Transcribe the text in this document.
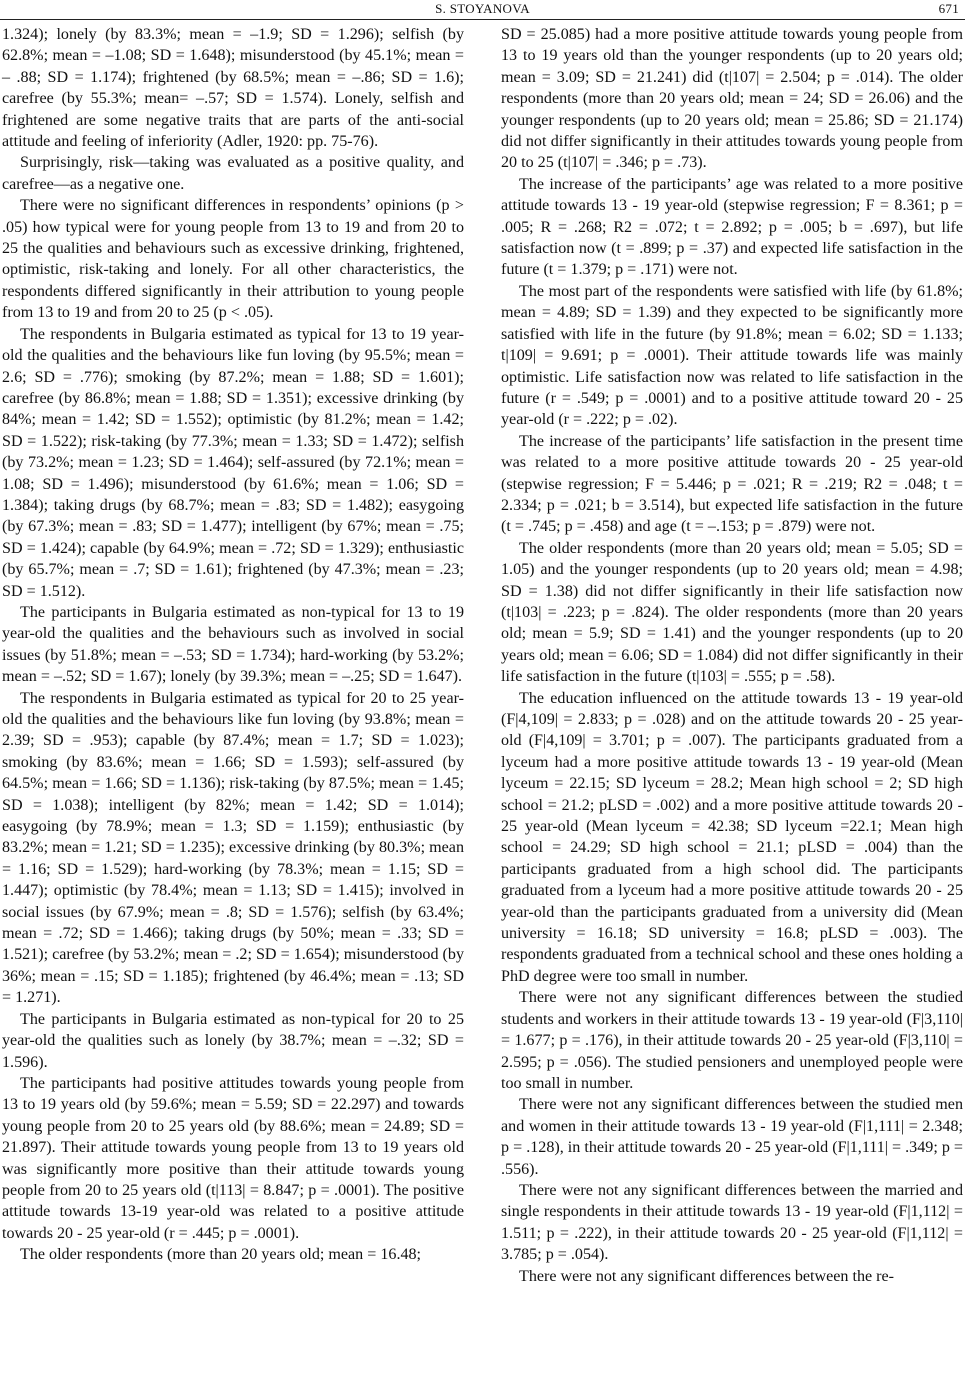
S. STOYANOVA	671

1.324); lonely (by 83.3%; mean = –1.9; SD = 1.296); selfish (by 62.8%; mean = –1.08; SD = 1.648); misunderstood (by 45.1%; mean = – .88; SD = 1.174); frightened (by 68.5%; mean = –.86; SD = 1.6); carefree (by 55.3%; mean= –.57; SD = 1.574). Lonely, selfish and frightened are some negative traits that are parts of the anti-social attitude and feeling of inferiority (Adler, 1920: pp. 75-76).

Surprisingly, risk—taking was evaluated as a positive quality, and carefree—as a negative one.

There were no significant differences in respondents’ opinions (p > .05) how typical were for young people from 13 to 19 and from 20 to 25 the qualities and behaviours such as excessive drinking, frightened, optimistic, risk-taking and lonely. For all other characteristics, the respondents differed significantly in their attribution to young people from 13 to 19 and from 20 to 25 (p < .05).

The respondents in Bulgaria estimated as typical for 13 to 19 year-old the qualities and the behaviours like fun loving (by 95.5%; mean = 2.6; SD = .776); smoking (by 87.2%; mean = 1.88; SD = 1.601); carefree (by 86.8%; mean = 1.88; SD = 1.351); excessive drinking (by 84%; mean = 1.42; SD = 1.552); optimistic (by 81.2%; mean = 1.42; SD = 1.522); risk-taking (by 77.3%; mean = 1.33; SD = 1.472); selfish (by 73.2%; mean = 1.23; SD = 1.464); self-assured (by 72.1%; mean = 1.08; SD = 1.496); misunderstood (by 61.6%; mean = 1.06; SD = 1.384); taking drugs (by 68.7%; mean = .83; SD = 1.482); easygoing (by 67.3%; mean = .83; SD = 1.477); intelligent (by 67%; mean = .75; SD = 1.424); capable (by 64.9%; mean = .72; SD = 1.329); enthusiastic (by 65.7%; mean = .7; SD = 1.61); frightened (by 47.3%; mean = .23; SD = 1.512).

The participants in Bulgaria estimated as non-typical for 13 to 19 year-old the qualities and the behaviours such as involved in social issues (by 51.8%; mean = –.53; SD = 1.734); hard-working (by 53.2%; mean = –.52; SD = 1.67); lonely (by 39.3%; mean = –.25; SD = 1.647).

The respondents in Bulgaria estimated as typical for 20 to 25 year-old the qualities and the behaviours like fun loving (by 93.8%; mean = 2.39; SD = .953); capable (by 87.4%; mean = 1.7; SD = 1.023); smoking (by 83.6%; mean = 1.66; SD = 1.593); self-assured (by 64.5%; mean = 1.66; SD = 1.136); risk-taking (by 87.5%; mean = 1.45; SD = 1.038); intelligent (by 82%; mean = 1.42; SD = 1.014); easygoing (by 78.9%; mean = 1.3; SD = 1.159); enthusiastic (by 83.2%; mean = 1.21; SD = 1.235); excessive drinking (by 80.3%; mean = 1.16; SD = 1.529); hard-working (by 78.3%; mean = 1.15; SD = 1.447); optimistic (by 78.4%; mean = 1.13; SD = 1.415); involved in social issues (by 67.9%; mean = .8; SD = 1.576); selfish (by 63.4%; mean = .72; SD = 1.466); taking drugs (by 50%; mean = .33; SD = 1.521); carefree (by 53.2%; mean = .2; SD = 1.654); misunderstood (by 36%; mean = .15; SD = 1.185); frightened (by 46.4%; mean = .13; SD = 1.271).

The participants in Bulgaria estimated as non-typical for 20 to 25 year-old the qualities such as lonely (by 38.7%; mean = –.32; SD = 1.596).

The participants had positive attitudes towards young people from 13 to 19 years old (by 59.6%; mean = 5.59; SD = 22.297) and towards young people from 20 to 25 years old (by 88.6%; mean = 24.89; SD = 21.897). Their attitude towards young people from 13 to 19 years old was significantly more positive than their attitude towards young people from 20 to 25 years old (t|113| = 8.847; p = .0001). The positive attitude towards 13-19 year-old was related to a positive attitude towards 20 - 25 year-old (r = .445; p = .0001).

The older respondents (more than 20 years old; mean = 16.48;

SD = 25.085) had a more positive attitude towards young people from 13 to 19 years old than the younger respondents (up to 20 years old; mean = 3.09; SD = 21.241) did (t|107| = 2.504; p = .014). The older respondents (more than 20 years old; mean = 24; SD = 26.06) and the younger respondents (up to 20 years old; mean = 25.86; SD = 21.174) did not differ significantly in their attitudes towards young people from 20 to 25 (t|107| = .346; p = .73).

The increase of the participants’ age was related to a more positive attitude towards 13 - 19 year-old (stepwise regression; F = 8.361; p = .005; R = .268; R2 = .072; t = 2.892; p = .005; b = .697), but life satisfaction now (t = .899; p = .37) and expected life satisfaction in the future (t = 1.379; p = .171) were not.

The most part of the respondents were satisfied with life (by 61.8%; mean = 4.89; SD = 1.39) and they expected to be significantly more satisfied with life in the future (by 91.8%; mean = 6.02; SD = 1.133; t|109| = 9.691; p = .0001). Their attitude towards life was mainly optimistic. Life satisfaction now was related to life satisfaction in the future (r = .549; p = .0001) and to a positive attitude toward 20 - 25 year-old (r = .222; p = .02).

The increase of the participants’ life satisfaction in the present time was related to a more positive attitude towards 20 - 25 year-old (stepwise regression; F = 5.446; p = .021; R = .219; R2 = .048; t = 2.334; p = .021; b = 3.514), but expected life satisfaction in the future (t = .745; p = .458) and age (t = –.153; p = .879) were not.

The older respondents (more than 20 years old; mean = 5.05; SD = 1.05) and the younger respondents (up to 20 years old; mean = 4.98; SD = 1.38) did not differ significantly in their life satisfaction now (t|103| = .223; p = .824). The older respondents (more than 20 years old; mean = 5.9; SD = 1.41) and the younger respondents (up to 20 years old; mean = 6.06; SD = 1.084) did not differ significantly in their life satisfaction in the future (t|103| = .555; p = .58).

The education influenced on the attitude towards 13 - 19 year-old (F|4,109| = 2.833; p = .028) and on the attitude towards 20 - 25 year-old (F|4,109| = 3.701; p = .007). The participants graduated from a lyceum had a more positive attitude towards 13 - 19 year-old (Mean lyceum = 22.15; SD lyceum = 28.2; Mean high school = 2; SD high school = 21.2; pLSD = .002) and a more positive attitude towards 20 - 25 year-old (Mean lyceum = 42.38; SD lyceum =22.1; Mean high school = 24.29; SD high school = 21.1; pLSD = .004) than the participants graduated from a high school did. The participants graduated from a lyceum had a more positive attitude towards 20 - 25 year-old than the participants graduated from a university did (Mean university = 16.18; SD university = 16.8; pLSD = .003). The respondents graduated from a technical school and these ones holding a PhD degree were too small in number.

There were not any significant differences between the studied students and workers in their attitude towards 13 - 19 year-old (F|3,110| = 1.677; p = .176), in their attitude towards 20 - 25 year-old (F|3,110| = 2.595; p = .056). The studied pensioners and unemployed people were too small in number.

There were not any significant differences between the studied men and women in their attitude towards 13 - 19 year-old (F|1,111| = 2.348; p = .128), in their attitude towards 20 - 25 year-old (F|1,111| = .349; p = .556).

There were not any significant differences between the married and single respondents in their attitude towards 13 - 19 year-old (F|1,112| = 1.511; p = .222), in their attitude towards 20 - 25 year-old (F|1,112| = 3.785; p = .054).

There were not any significant differences between the re-
